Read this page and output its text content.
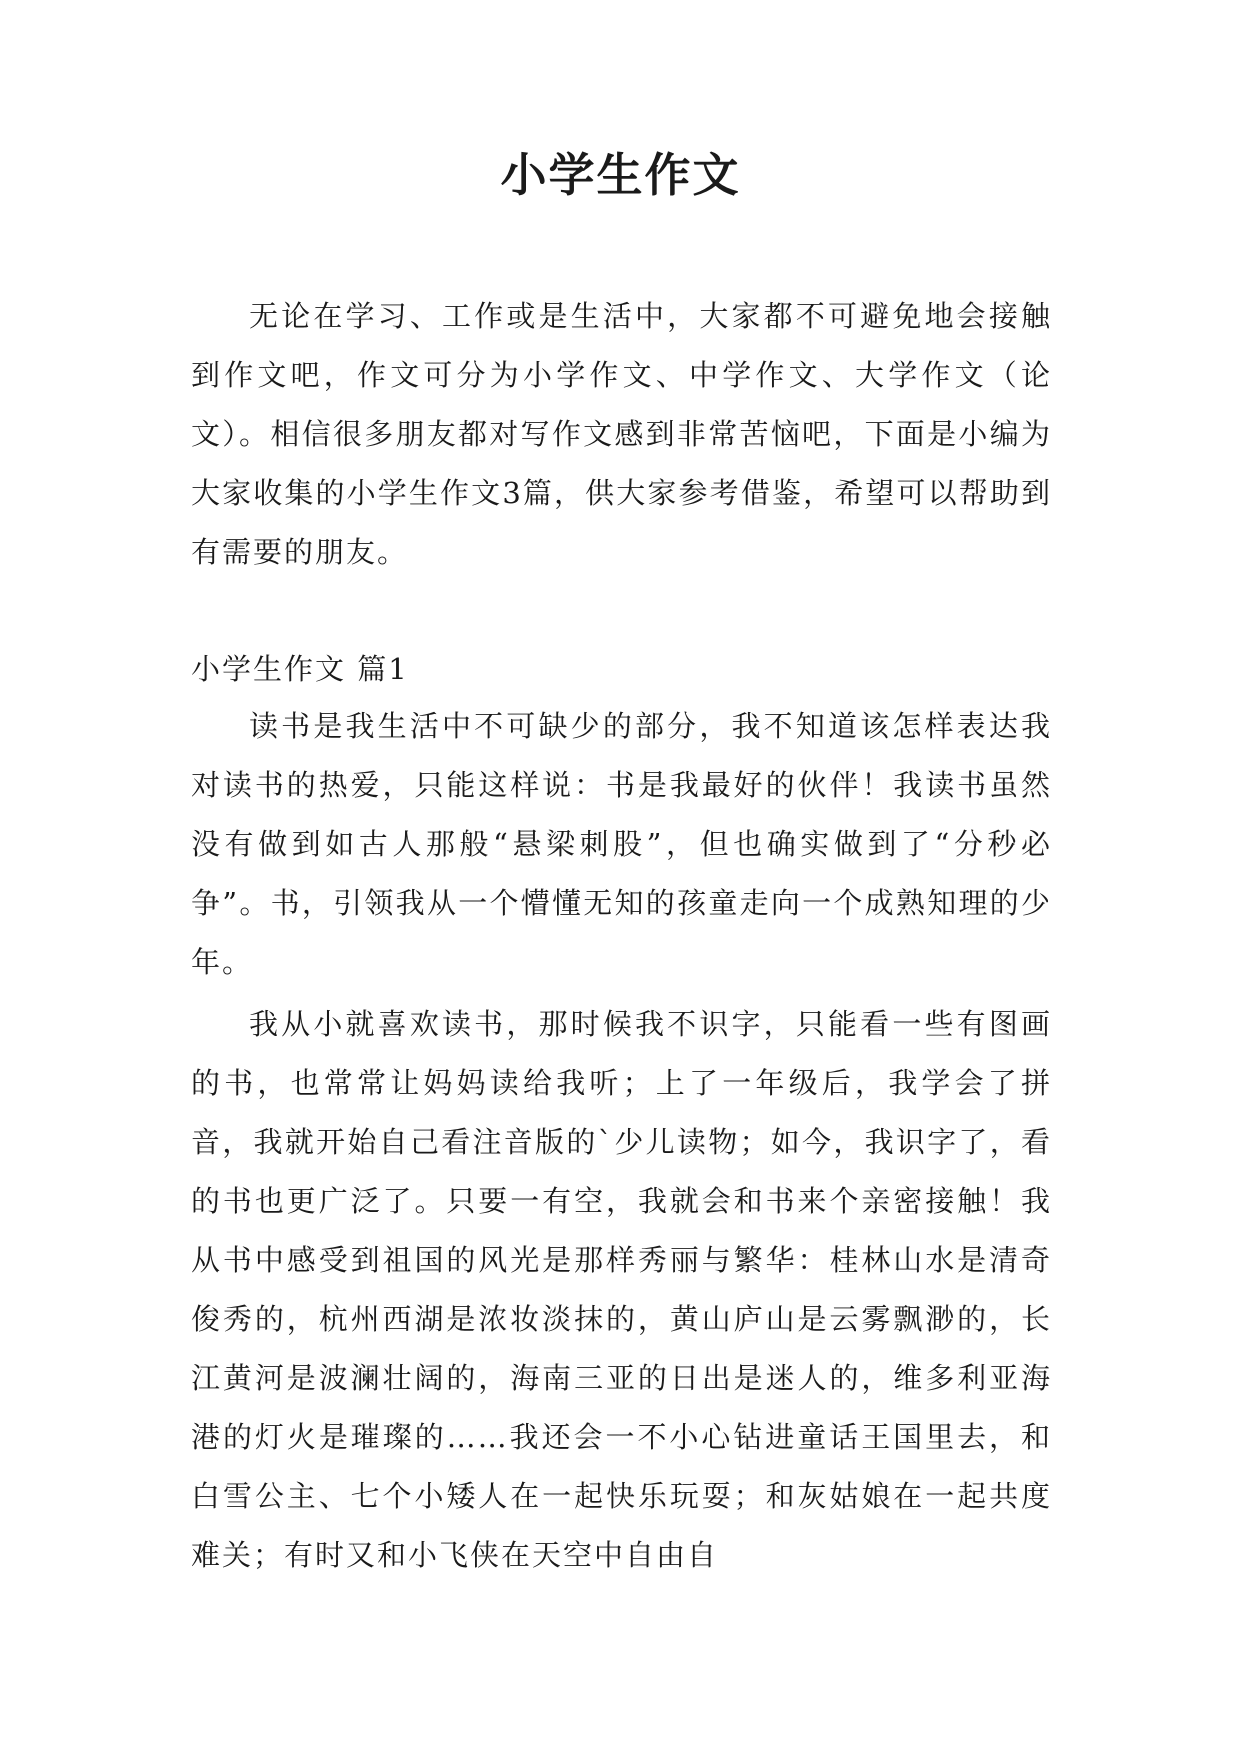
小学生作文

无论在学习、工作或是生活中，大家都不可避免地会接触到作文吧，作文可分为小学作文、中学作文、大学作文（论文）。相信很多朋友都对写作文感到非常苦恼吧，下面是小编为大家收集的小学生作文3篇，供大家参考借鉴，希望可以帮助到有需要的朋友。

小学生作文 篇1

读书是我生活中不可缺少的部分，我不知道该怎样表达我对读书的热爱，只能这样说：书是我最好的伙伴！我读书虽然没有做到如古人那般“悬梁刺股”，但也确实做到了“分秒必争”。书，引领我从一个懵懂无知的孩童走向一个成熟知理的少年。

我从小就喜欢读书，那时候我不识字，只能看一些有图画的书，也常常让妈妈读给我听；上了一年级后，我学会了拼音，我就开始自己看注音版的`少儿读物；如今，我识字了，看的书也更广泛了。只要一有空，我就会和书来个亲密接触！我从书中感受到祖国的风光是那样秀丽与繁华：桂林山水是清奇俊秀的，杭州西湖是浓妆淡抹的，黄山庐山是云雾飘渺的，长江黄河是波澜壮阔的，海南三亚的日出是迷人的，维多利亚海港的灯火是璀璨的……我还会一不小心钻进童话王国里去，和白雪公主、七个小矮人在一起快乐玩耍；和灰姑娘在一起共度难关；有时又和小飞侠在天空中自由自
